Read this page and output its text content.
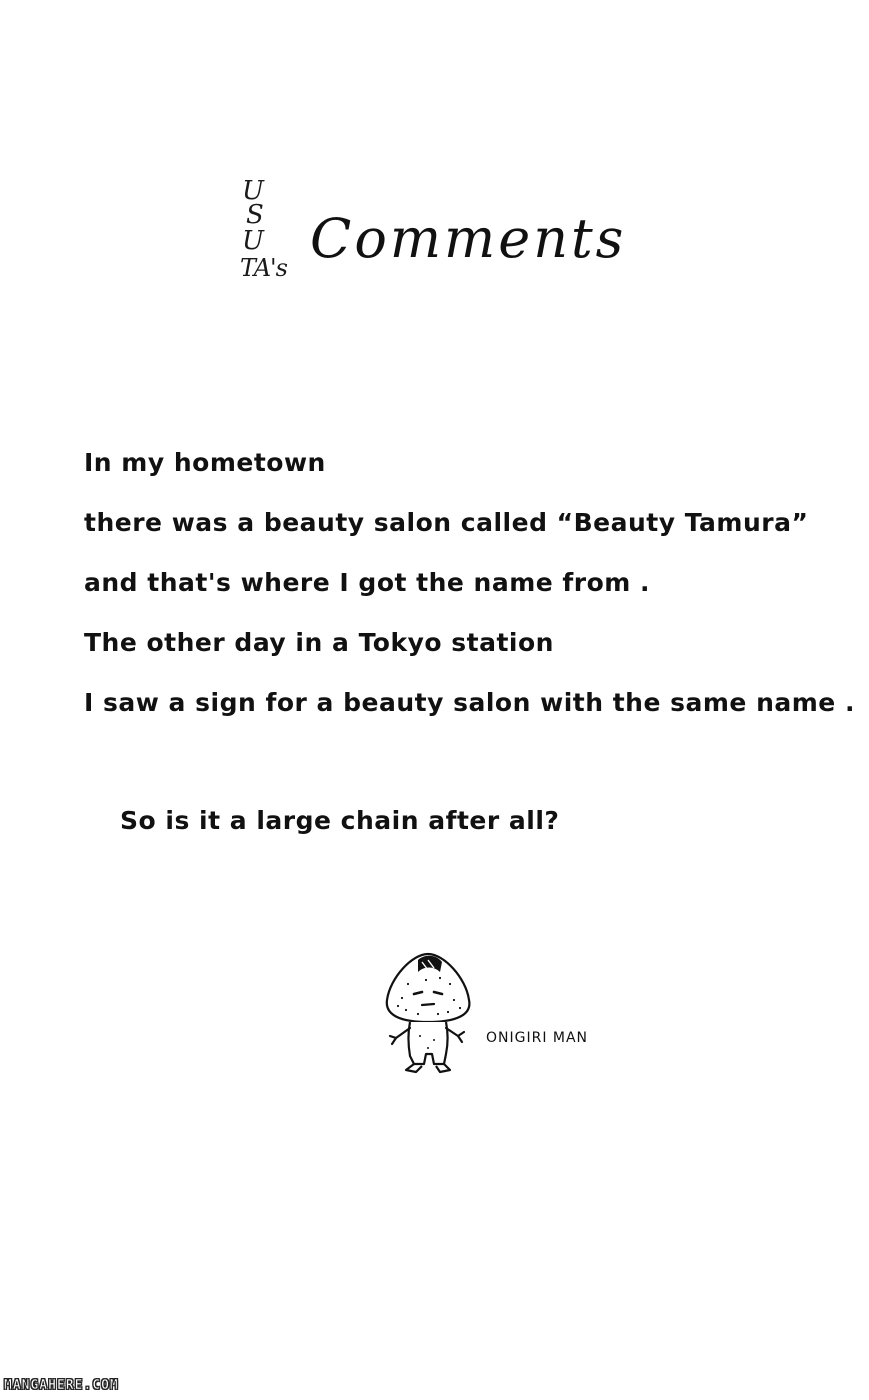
U
S
U
TA's Comments
In my hometown
there was a beauty salon called “Beauty Tamura”
and that's where I got the name from .
The other day in a Tokyo station
I saw a sign for a beauty salon with the same name .
So is it a large chain after all?
ONIGIRI MAN
MANGAHERE.COM
